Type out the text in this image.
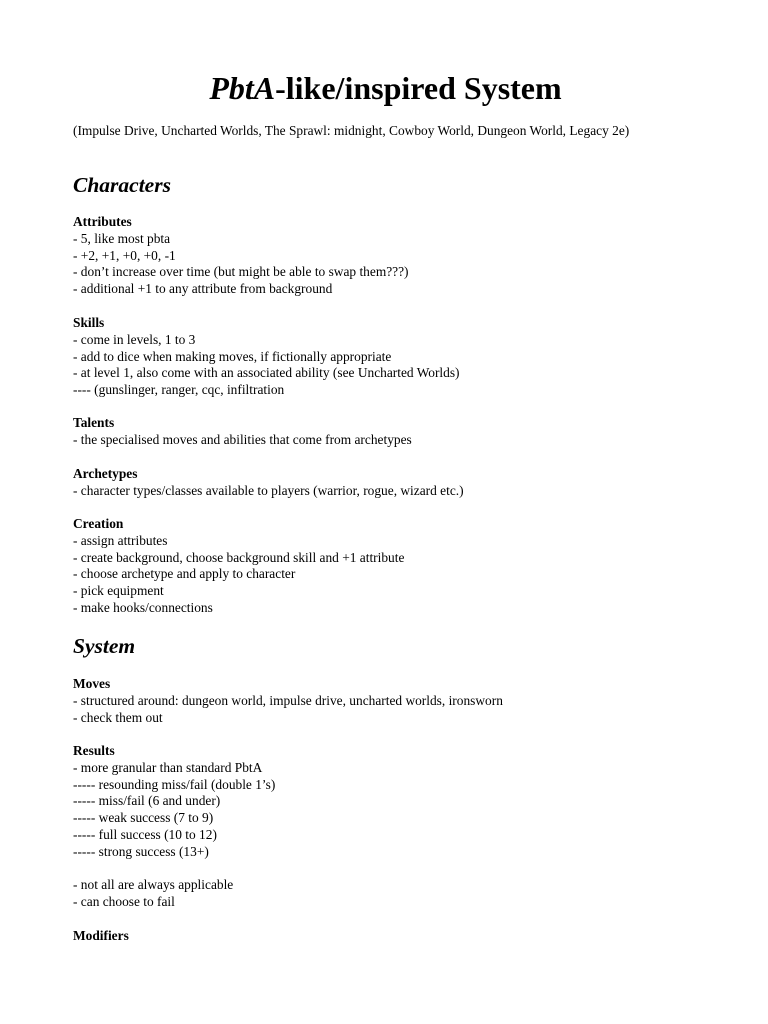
PbtA-like/inspired System
(Impulse Drive, Uncharted Worlds, The Sprawl: midnight, Cowboy World, Dungeon World, Legacy 2e)
Characters
Attributes
- 5, like most pbta
- +2, +1, +0, +0, -1
- don’t increase over time (but might be able to swap them???)
- additional +1 to any attribute from background
Skills
- come in levels, 1 to 3
- add to dice when making moves, if fictionally appropriate
- at level 1, also come with an associated ability (see Uncharted Worlds)
---- (gunslinger, ranger, cqc, infiltration
Talents
- the specialised moves and abilities that come from archetypes
Archetypes
- character types/classes available to players (warrior, rogue, wizard etc.)
Creation
- assign attributes
- create background, choose background skill and +1 attribute
- choose archetype and apply to character
- pick equipment
- make hooks/connections
System
Moves
- structured around: dungeon world, impulse drive, uncharted worlds, ironsworn
- check them out
Results
- more granular than standard PbtA
----- resounding miss/fail (double 1’s)
----- miss/fail (6 and under)
----- weak success (7 to 9)
----- full success (10 to 12)
----- strong success (13+)
- not all are always applicable
- can choose to fail
Modifiers
